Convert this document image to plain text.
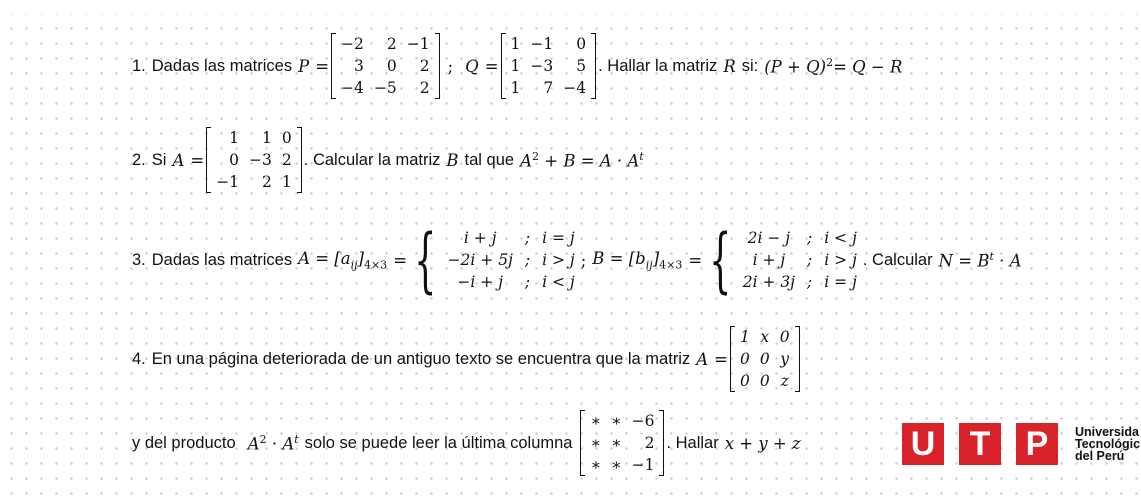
1. Dadas las matrices P =
−2	2	−1
3	0	2
−4	−5	2
; Q =
1	−1	0
1	−3	5
1	7	−4
. Hallar la matriz R si: $(P + Q)^2= Q - R$
2. Si A =
1	1	0
0	−3	2
−1	2	1
. Calcular la matriz B tal que $A^2 + B = A \cdot A^t$
3. Dadas las matrices $A = [a_{ij}]_{4\times 3}$ = { i + j	;	i = j
−2i + 5j	;	i > j
−i + j	;	i < j
; $B = [b_{ij}]_{4\times 3}$ = { 2i − j	;	i < j
i + j	;	i > j
2i + 3j	;	i = j
. Calcular $N = B^t \cdot A$
4. En una página deteriorada de un antiguo texto se encuentra que la matriz A =
1	x	0
0	0	y
0	0	z
y del producto $A^2 \cdot A^t$ solo se puede leer la última columna
∗	∗	−6
∗	∗	2
∗	∗	−1
. Hallar x + y + z	U	T	P	Universida
Tecnológic
del Perú
